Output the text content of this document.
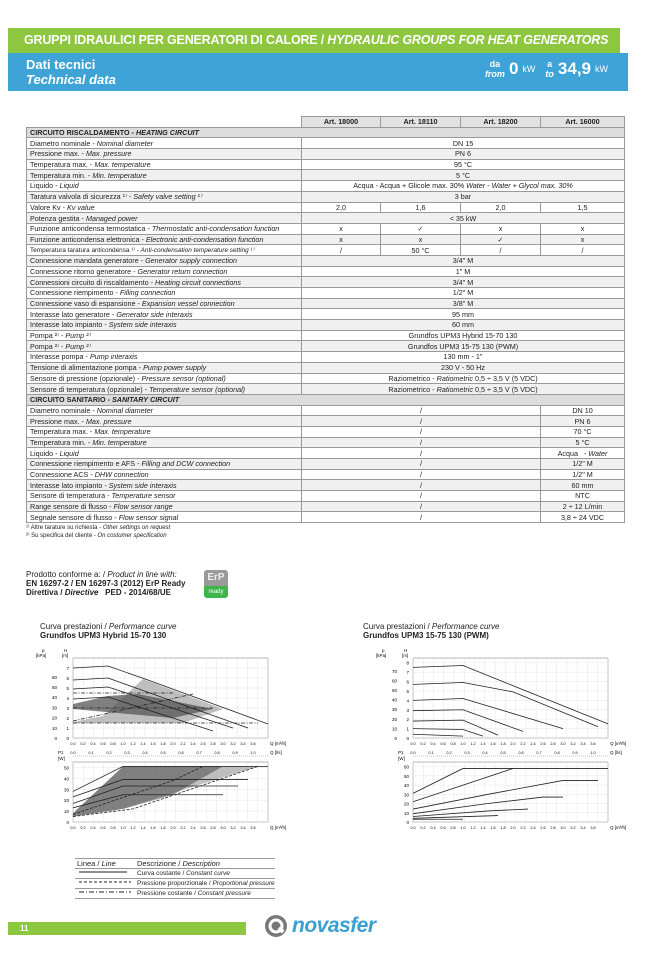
GRUPPI IDRAULICI PER GENERATORI DI CALORE / HYDRAULIC GROUPS FOR HEAT GENERATORS
Dati tecnici
Technical data
da
from 0 kW a
to 34,9 kW
	Art. 18000	Art. 18110	Art. 18200	Art. 16000
CIRCUITO RISCALDAMENTO - HEATING CIRCUIT				
Diametro nominale - Nominal diameter	DN 15			
Pressione max. - Max. pressure	PN 6			
Temperatura max. - Max. temperature	95 °C			
Temperatura min. - Min. temperature	5 °C			
Liquido - Liquid	Acqua - Acqua + Glicole max. 30% Water - Water + Glycol max. 30%			
Taratura valvola di sicurezza ¹⁾ - Safety valve setting ¹⁾	3 bar			
Valore Kv - Kv value	2,0	1,6	2,0	1,5
Potenza gestita - Managed power	< 35 kW			
Funzione anticondensa termostatica - Thermostatic anti-condensation function	x	✓	x	x
Funzione anticondensa elettronica - Electronic anti-condensation function	x	x	✓	x
Temperatura taratura anticondensa ¹⁾ - Anti-condensation temperature setting ¹⁾	/	50 °C	/	/
Connessione mandata generatore - Generator supply connection	3/4" M			
Connessione ritorno generatore - Generator return connection	1" M			
Connessioni circuito di riscaldamento - Heating circuit connections	3/4" M			
Connessione riempimento - Filling connection	1/2" M			
Connessione vaso di espansione - Expansion vessel connection	3/8" M			
Interasse lato generatore - Generator side interaxis	95 mm			
Interasse lato impianto - System side interaxis	60 mm			
Pompa ²⁾ - Pump ²⁾	Grundfos UPM3 Hybrid 15-70 130			
Pompa ²⁾ - Pump ²⁾	Grundfos UPM3 15-75 130 (PWM)			
Interasse pompa - Pump interaxis	130 mm - 1"			
Tensione di alimentazione pompa - Pump power supply	230 V - 50 Hz			
Sensore di pressione (opzionale) - Pressure sensor (optional)	Raziometrico - Ratiometric 0,5 ÷ 3,5 V (5 VDC)			
Sensore di temperatura (opzionale) - Temperature sensor (optional)	Raziometrico - Ratiometric 0,5 ÷ 3,5 V (5 VDC)			
CIRCUITO SANITARIO - SANITARY CIRCUIT				
Diametro nominale - Nominal diameter	/			DN 10
Pressione max. - Max. pressure	/			PN 6
Temperatura max. - Max. temperature	/			70 °C
Temperatura min. - Min. temperature	/			5 °C
Liquido - Liquid	/			Acqua   - Water
Connessione riempimento e AFS - Filling and DCW connection	/			1/2" M
Connessione ACS - DHW connection	/			1/2" M
Interasse lato impianto - System side interaxis	/			60 mm
Sensore di temperatura - Temperature sensor	/			NTC
Range sensore di flusso - Flow sensor range	/			2 ÷ 12 L/min
Segnale sensore di flusso - Flow sensor signal	/			3,8 ÷ 24 VDC
¹⁾ Altre tarature su richiesta - Other settings on request
²⁾ Su specifica del cliente - On costumer specification
Prodotto conforme a: / Product in line with:
EN 16297-2 / EN 16297-3 (2012) ErP Ready
Direttiva / Directive   PED - 2014/68/UE
ErP
ready
Curva prestazioni / Performance curve
Grundfos UPM3 Hybrid 15-70 130
Curva prestazioni / Performance curve
Grundfos UPM3 15-75 130 (PWM)
0
1
2
3
4
5
6
7
0
10
20
30
40
50
60
p
[kPa]
H
[m]
0.0 0.2 0.4 0.6 0.8 1.0 1.2 1.4 1.6 1.8 2.0 2.2 2.4 2.6 2.8 3.0 3.2 3.4 3.6	Q [m³/h]
0.0	0.1	0.2	0.3	0.4	0.5	0.6	0.7	0.8	0.9	1.0	Q [l/s]
0
10
20
30
40
50
P1
[W]
0.0 0.2 0.4 0.6 0.8 1.0 1.2 1.4 1.6 1.8 2.0 2.2 2.4 2.6 2.8 3.0 3.2 3.4 3.6	Q [m³/h]
0
1
2
3
4
5
6
7
8
0
10
20
30
40
50
60
70
p
[kPa]
H
[m]
0.0 0.2 0.4 0.6 0.8 1.0 1.2 1.4 1.6 1.8 2.0 2.2 2.4 2.6 2.8 3.0 3.2 3.4 3.6	Q [m³/h]
0.0	0.1	0.2	0.3	0.4	0.5	0.6	0.7	0.8	0.9	1.0	Q [l/s]
0
10
20
30
40
50
60
P1
[W]
0.0 0.2 0.4 0.6 0.8 1.0 1.2 1.4 1.6 1.8 2.0 2.2 2.4 2.6 2.8 3.0 3.2 3.4 3.6	Q [m³/h]
Linea / Line	Descrizione / Description
	Curva costante / Constant curve
	Pressione proporzionale / Proportional pressure
	Pressione costante / Constant pressure
11	novasfer
